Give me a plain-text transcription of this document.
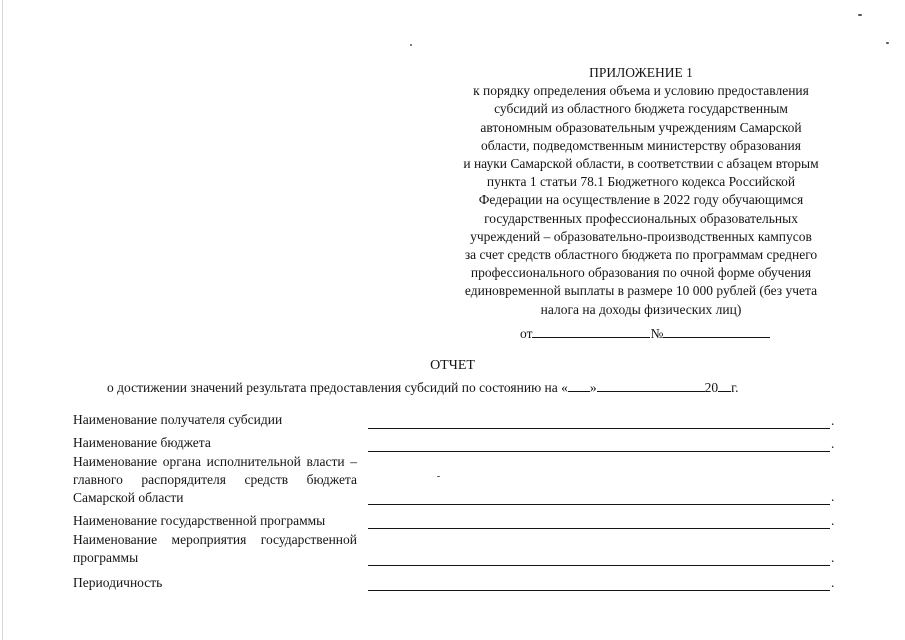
ПРИЛОЖЕНИЕ 1
к порядку определения объема и условию предоставления
субсидий из областного бюджета государственным
автономным образовательным учреждениям Самарской
области, подведомственным министерству образования
и науки Самарской области, в соответствии с абзацем вторым
пункта 1 статьи 78.1 Бюджетного кодекса Российской
Федерации на осуществление в 2022 году обучающимся
государственных профессиональных образовательных
учреждений – образовательно-производственных кампусов
за счет средств областного бюджета по программам среднего
профессионального образования по очной форме обучения
единовременной выплаты в размере 10 000 рублей (без учета
налога на доходы физических лиц)
от	№
ОТЧЕТ
о достижении значений результата предоставления субсидий по состоянию на « »	20 г.
Наименование получателя субсидии	.
Наименование бюджета	.
Наименование органа исполнительной власти – главного распорядителя средств бюджета Самарской области	.
Наименование государственной программы	.
Наименование мероприятия государственной программы	.
Периодичность	.
